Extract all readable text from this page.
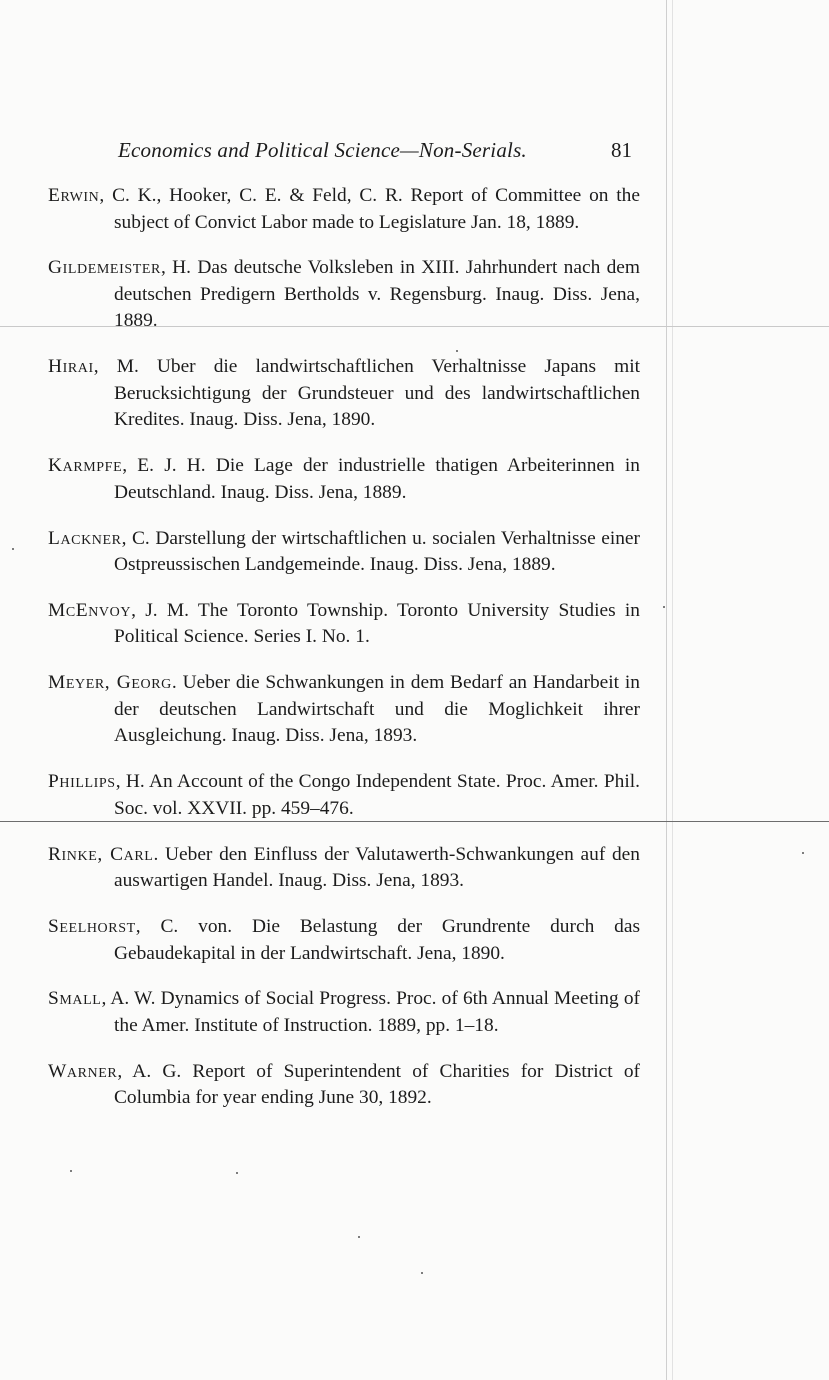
Economics and Political Science—Non-Serials.	81

Erwin, C. K., Hooker, C. E. & Feld, C. R. Report of Committee on the subject of Convict Labor made to Legislature Jan. 18, 1889.

Gildemeister, H. Das deutsche Volksleben in XIII. Jahrhundert nach dem deutschen Predigern Bertholds v. Regensburg. Inaug. Diss. Jena, 1889.

Hirai, M. Uber die landwirtschaftlichen Verhaltnisse Japans mit Berucksichtigung der Grundsteuer und des landwirtschaftlichen Kredites. Inaug. Diss. Jena, 1890.

Karmpfe, E. J. H. Die Lage der industrielle thatigen Arbeiterinnen in Deutschland. Inaug. Diss. Jena, 1889.

Lackner, C. Darstellung der wirtschaftlichen u. socialen Verhaltnisse einer Ostpreussischen Landgemeinde. Inaug. Diss. Jena, 1889.

McEnvoy, J. M. The Toronto Township. Toronto University Studies in Political Science. Series I. No. 1.

Meyer, Georg. Ueber die Schwankungen in dem Bedarf an Handarbeit in der deutschen Landwirtschaft und die Moglichkeit ihrer Ausgleichung. Inaug. Diss. Jena, 1893.

Phillips, H. An Account of the Congo Independent State. Proc. Amer. Phil. Soc. vol. XXVII. pp. 459–476.

Rinke, Carl. Ueber den Einfluss der Valutawerth-Schwankungen auf den auswartigen Handel. Inaug. Diss. Jena, 1893.

Seelhorst, C. von. Die Belastung der Grundrente durch das Gebaudekapital in der Landwirtschaft. Jena, 1890.

Small, A. W. Dynamics of Social Progress. Proc. of 6th Annual Meeting of the Amer. Institute of Instruction. 1889, pp. 1–18.

Warner, A. G. Report of Superintendent of Charities for District of Columbia for year ending June 30, 1892.
